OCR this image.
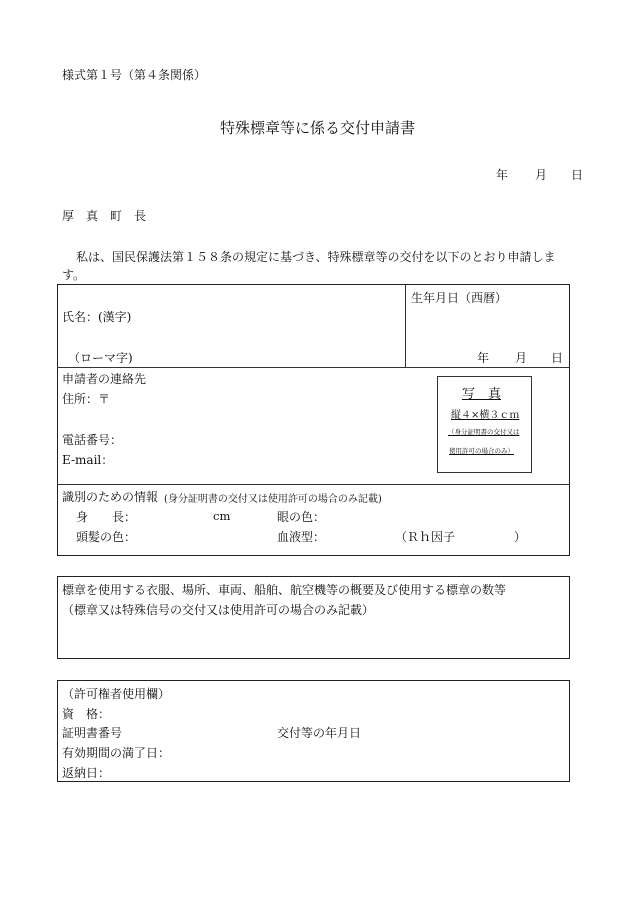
様式第１号（第４条関係）
特殊標章等に係る交付申請書
年 月 日
厚　真　町　長
私は、国民保護法第１５８条の規定に基づき、特殊標章等の交付を以下のとおり申請しま
す。
氏名：(漢字)
（ローマ字)
生年月日（西暦）
年 月 日
申請者の連絡先
住所：〒
電話番号：
E-mail：
写　真
縦４×横３ｃｍ
（身分証明書の交付又は
使用許可の場合のみ）
識別のための情報 (身分証明書の交付又は使用許可の場合のみ記載)
身　　長：	cm	眼の色：
頭髪の色：	血液型：	（Ｒｈ因子	）
標章を使用する衣服、場所、車両、船舶、航空機等の概要及び使用する標章の数等
（標章又は特殊信号の交付又は使用許可の場合のみ記載）
（許可権者使用欄）
資　格：
証明書番号	交付等の年月日
有効期間の満了日：
返納日：
